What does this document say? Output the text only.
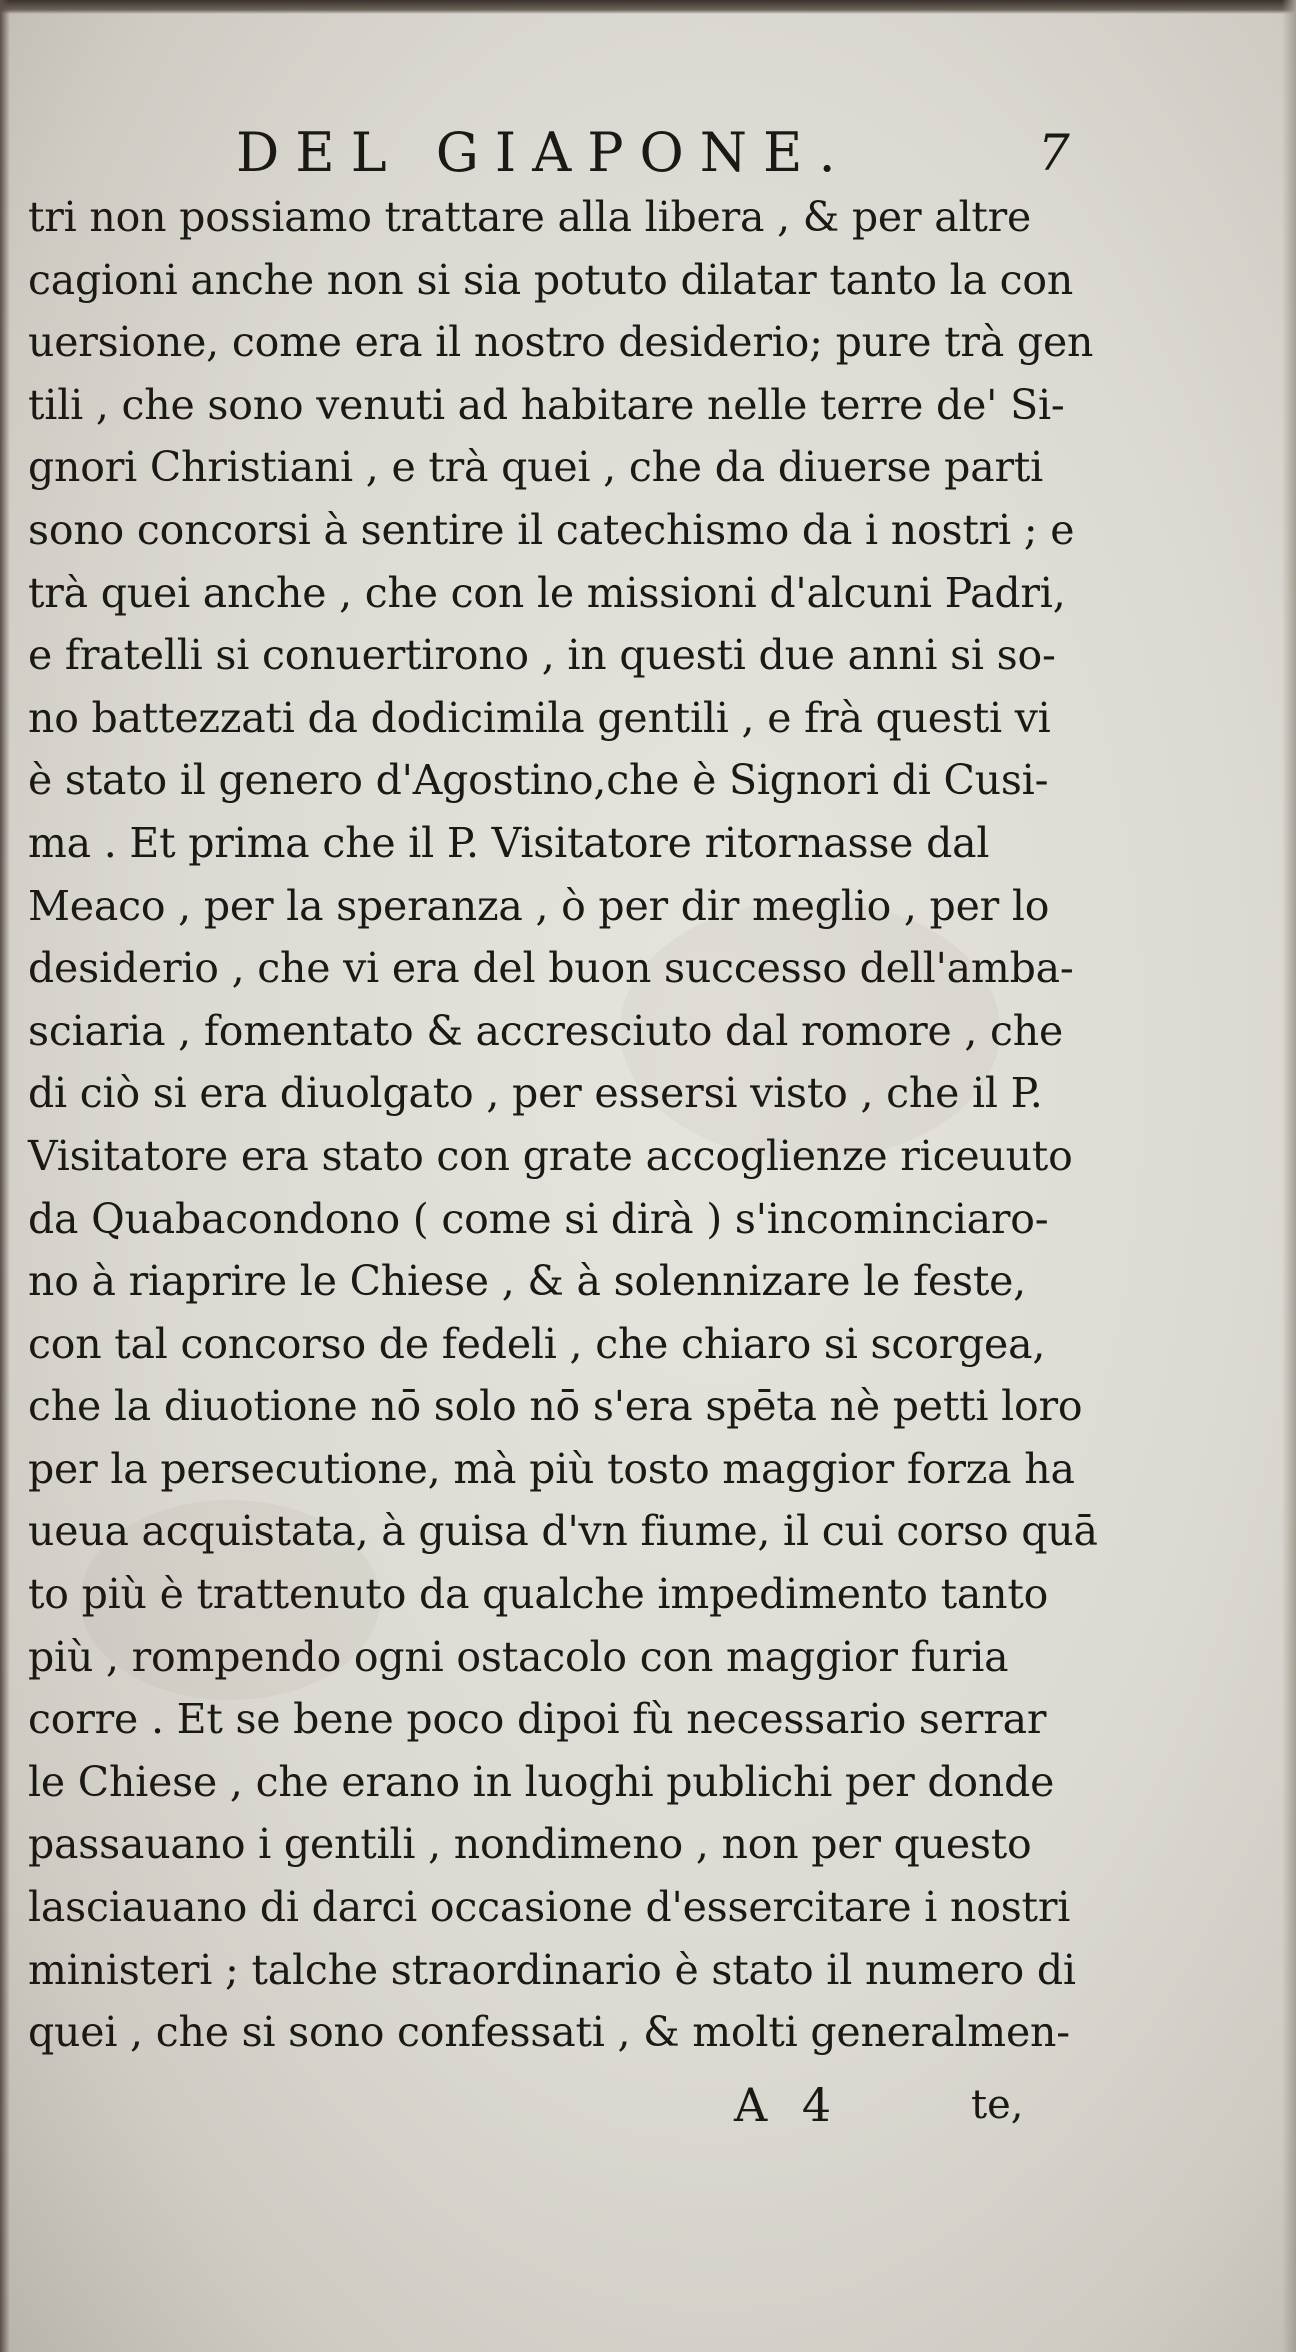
DEL GIAPONE.	7
tri non possiamo trattare alla libera , & per altre
cagioni anche non si sia potuto dilatar tanto la con
uersione, come era il nostro desiderio; pure trà gen
tili , che sono venuti ad habitare nelle terre de' Si-
gnori Christiani , e trà quei , che da diuerse parti
sono concorsi à sentire il catechismo da i nostri ; e
trà quei anche , che con le missioni d'alcuni Padri,
e fratelli si conuertirono , in questi due anni si so-
no battezzati da dodicimila gentili , e frà questi vi
è stato il genero d'Agostino,che è Signori di Cusi-
ma . Et prima che il P. Visitatore ritornasse dal
Meaco , per la speranza , ò per dir meglio , per lo
desiderio , che vi era del buon successo dell'amba-
sciaria , fomentato & accresciuto dal romore , che
di ciò si era diuolgato , per essersi visto , che il P.
Visitatore era stato con grate accoglienze riceuuto
da Quabacondono ( come si dirà ) s'incominciaro-
no à riaprire le Chiese , & à solennizare le feste,
con tal concorso de fedeli , che chiaro si scorgea,
che la diuotione nō solo nō s'era spēta nè petti loro
per la persecutione, mà più tosto maggior forza ha
ueua acquistata, à guisa d'vn fiume, il cui corso quā
to più è trattenuto da qualche impedimento tanto
più , rompendo ogni ostacolo con maggior furia
corre . Et se bene poco dipoi fù necessario serrar
le Chiese , che erano in luoghi publichi per donde
passauano i gentili , nondimeno , non per questo
lasciauano di darci occasione d'essercitare i nostri
ministeri ; talche straordinario è stato il numero di
quei , che si sono confessati , & molti generalmen-
A 4	te,
